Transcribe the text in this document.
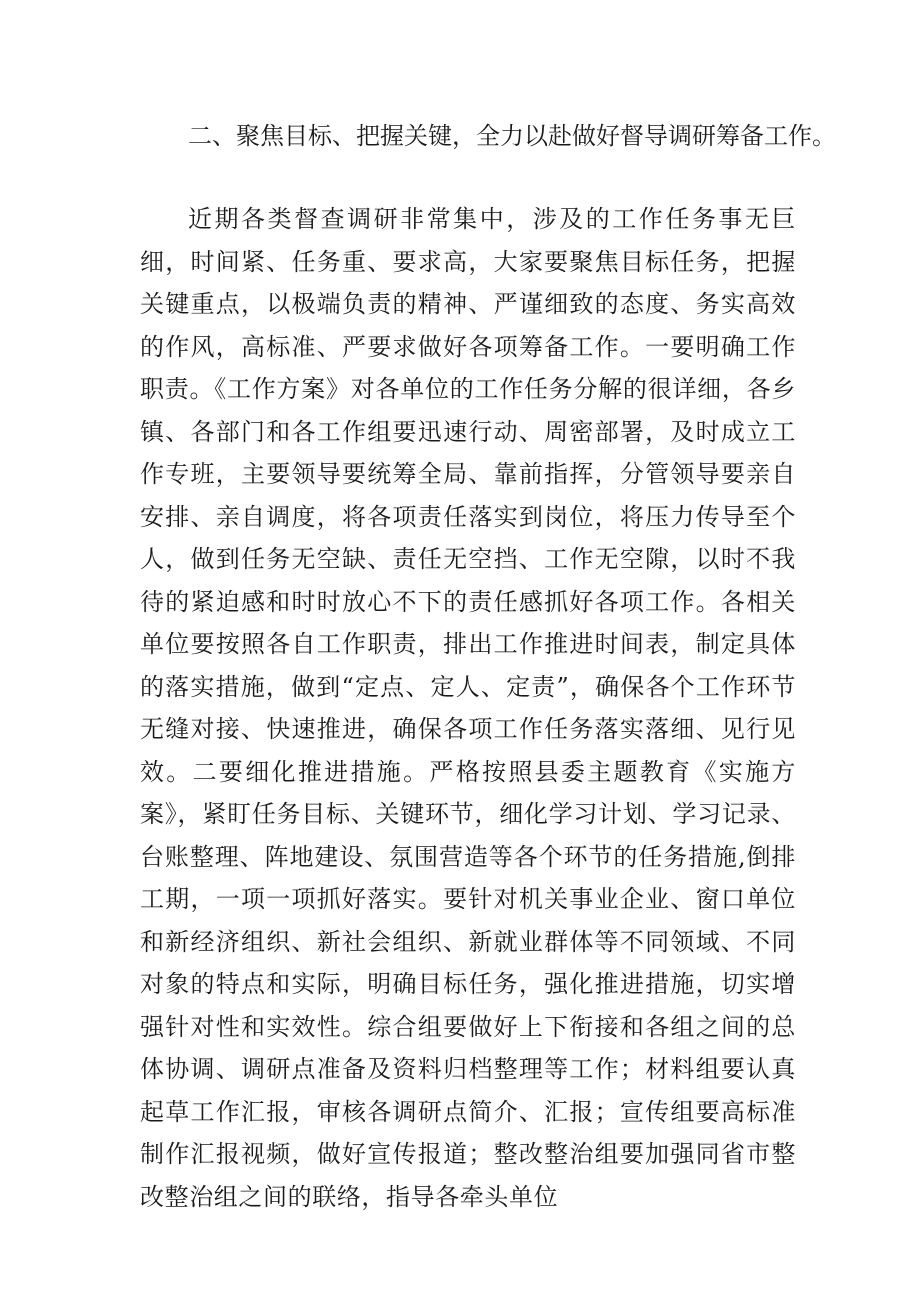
二、聚焦目标、把握关键，全力以赴做好督导调研筹备工作。

近期各类督查调研非常集中，涉及的工作任务事无巨细，时间紧、任务重、要求高，大家要聚焦目标任务，把握关键重点，以极端负责的精神、严谨细致的态度、务实高效的作风，高标准、严要求做好各项筹备工作。一要明确工作职责。《工作方案》对各单位的工作任务分解的很详细，各乡镇、各部门和各工作组要迅速行动、周密部署，及时成立工作专班，主要领导要统筹全局、靠前指挥，分管领导要亲自安排、亲自调度，将各项责任落实到岗位，将压力传导至个人，做到任务无空缺、责任无空挡、工作无空隙，以时不我待的紧迫感和时时放心不下的责任感抓好各项工作。各相关单位要按照各自工作职责，排出工作推进时间表，制定具体的落实措施，做到“定点、定人、定责”，确保各个工作环节无缝对接、快速推进，确保各项工作任务落实落细、见行见效。二要细化推进措施。严格按照县委主题教育《实施方案》，紧盯任务目标、关键环节，细化学习计划、学习记录、台账整理、阵地建设、氛围营造等各个环节的任务措施,倒排工期，一项一项抓好落实。要针对机关事业企业、窗口单位和新经济组织、新社会组织、新就业群体等不同领域、不同对象的特点和实际，明确目标任务，强化推进措施，切实增强针对性和实效性。综合组要做好上下衔接和各组之间的总体协调、调研点准备及资料归档整理等工作；材料组要认真起草工作汇报，审核各调研点简介、汇报；宣传组要高标准制作汇报视频，做好宣传报道；整改整治组要加强同省市整改整治组之间的联络，指导各牵头单位
